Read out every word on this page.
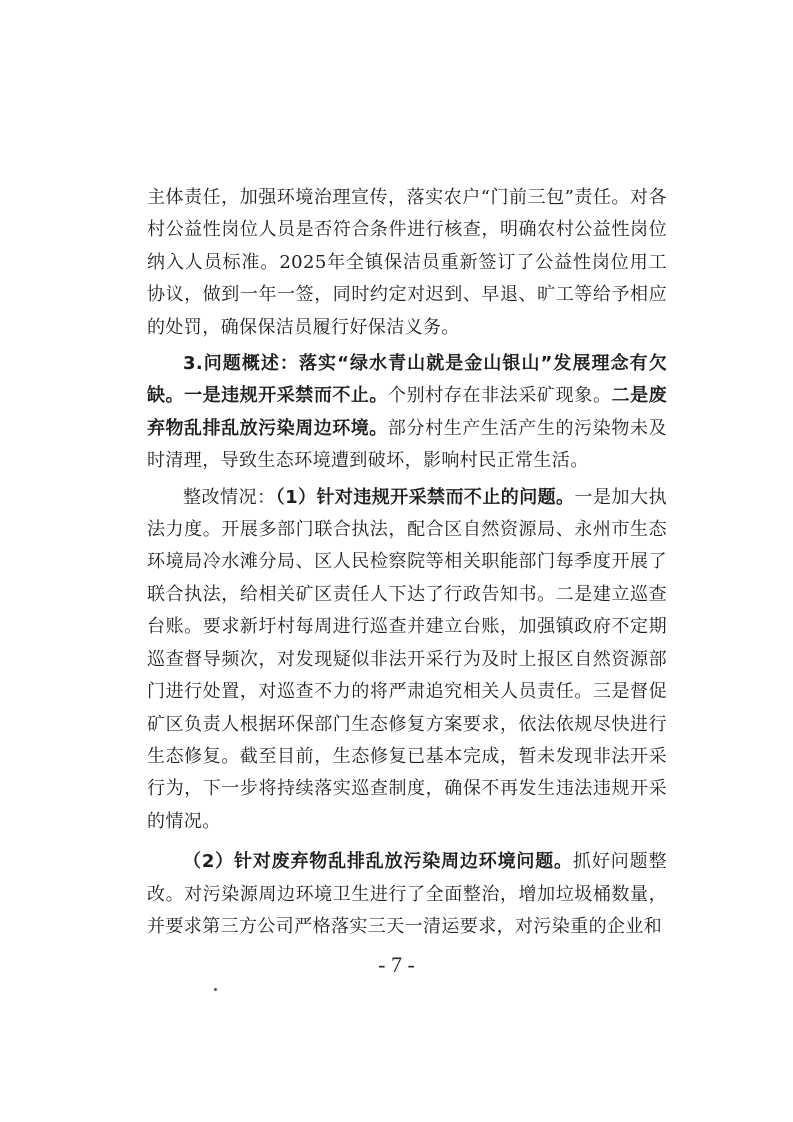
主体责任，加强环境治理宣传，落实农户“门前三包”责任。对各村公益性岗位人员是否符合条件进行核查，明确农村公益性岗位纳入人员标准。2025年全镇保洁员重新签订了公益性岗位用工协议，做到一年一签，同时约定对迟到、早退、旷工等给予相应的处罚，确保保洁员履行好保洁义务。

3.问题概述：落实“绿水青山就是金山银山”发展理念有欠缺。一是违规开采禁而不止。个别村存在非法采矿现象。二是废弃物乱排乱放污染周边环境。部分村生产生活产生的污染物未及时清理，导致生态环境遭到破坏，影响村民正常生活。

整改情况：（1）针对违规开采禁而不止的问题。一是加大执法力度。开展多部门联合执法，配合区自然资源局、永州市生态环境局冷水滩分局、区人民检察院等相关职能部门每季度开展了联合执法，给相关矿区责任人下达了行政告知书。二是建立巡查台账。要求新圩村每周进行巡查并建立台账，加强镇政府不定期巡查督导频次，对发现疑似非法开采行为及时上报区自然资源部门进行处置，对巡查不力的将严肃追究相关人员责任。三是督促矿区负责人根据环保部门生态修复方案要求，依法依规尽快进行生态修复。截至目前，生态修复已基本完成，暂未发现非法开采行为，下一步将持续落实巡查制度，确保不再发生违法违规开采的情况。

（2）针对废弃物乱排乱放污染周边环境问题。抓好问题整改。对污染源周边环境卫生进行了全面整治，增加垃圾桶数量，并要求第三方公司严格落实三天一清运要求，对污染重的企业和

- 7 -
